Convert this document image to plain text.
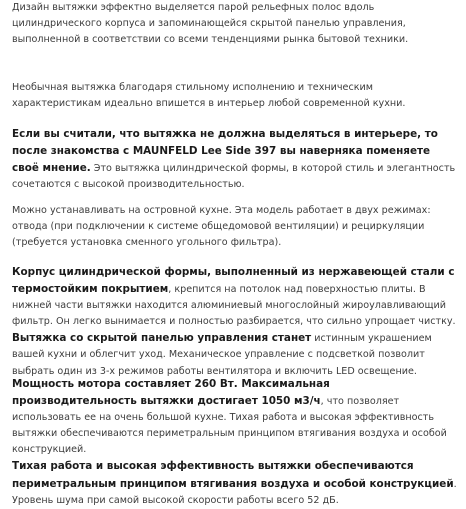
Дизайн вытяжки эффектно выделяется парой рельефных полос вдоль цилиндрического корпуса и запоминающейся скрытой панелью управления, выполненной в соответствии со всеми тенденциями рынка бытовой техники.

Необычная вытяжка благодаря стильному исполнению и техническим характеристикам идеально впишется в интерьер любой современной кухни.

Если вы считали, что вытяжка не должна выделяться в интерьере, то после знакомства с MAUNFELD Lee Side 397 вы наверняка поменяете своё мнение. Это вытяжка цилиндрической формы, в которой стиль и элегантность сочетаются с высокой производительностью.

Можно устанавливать на островной кухне. Эта модель работает в двух режимах: отвода (при подключении к системе общедомовой вентиляции) и рециркуляции (требуется установка сменного угольного фильтра).

Корпус цилиндрической формы, выполненный из нержавеющей стали с термостойким покрытием, крепится на потолок над поверхностью плиты. В нижней части вытяжки находится алюминиевый многослойный жироулавливающий фильтр. Он легко вынимается и полностью разбирается, что сильно упрощает чистку.
Вытяжка со скрытой панелью управления станет истинным украшением вашей кухни и облегчит уход. Механическое управление с подсветкой позволит выбрать один из 3-х режимов работы вентилятора и включить LED освещение.

Мощность мотора составляет 260 Вт. Максимальная производительность вытяжки достигает 1050 м3/ч, что позволяет использовать ее на очень большой кухне. Тихая работа и высокая эффективность вытяжки обеспечиваются периметральным принципом втягивания воздуха и особой конструкцией.
Тихая работа и высокая эффективность вытяжки обеспечиваются периметральным принципом втягивания воздуха и особой конструкцией.
Уровень шума при самой высокой скорости работы всего 52 дБ.
